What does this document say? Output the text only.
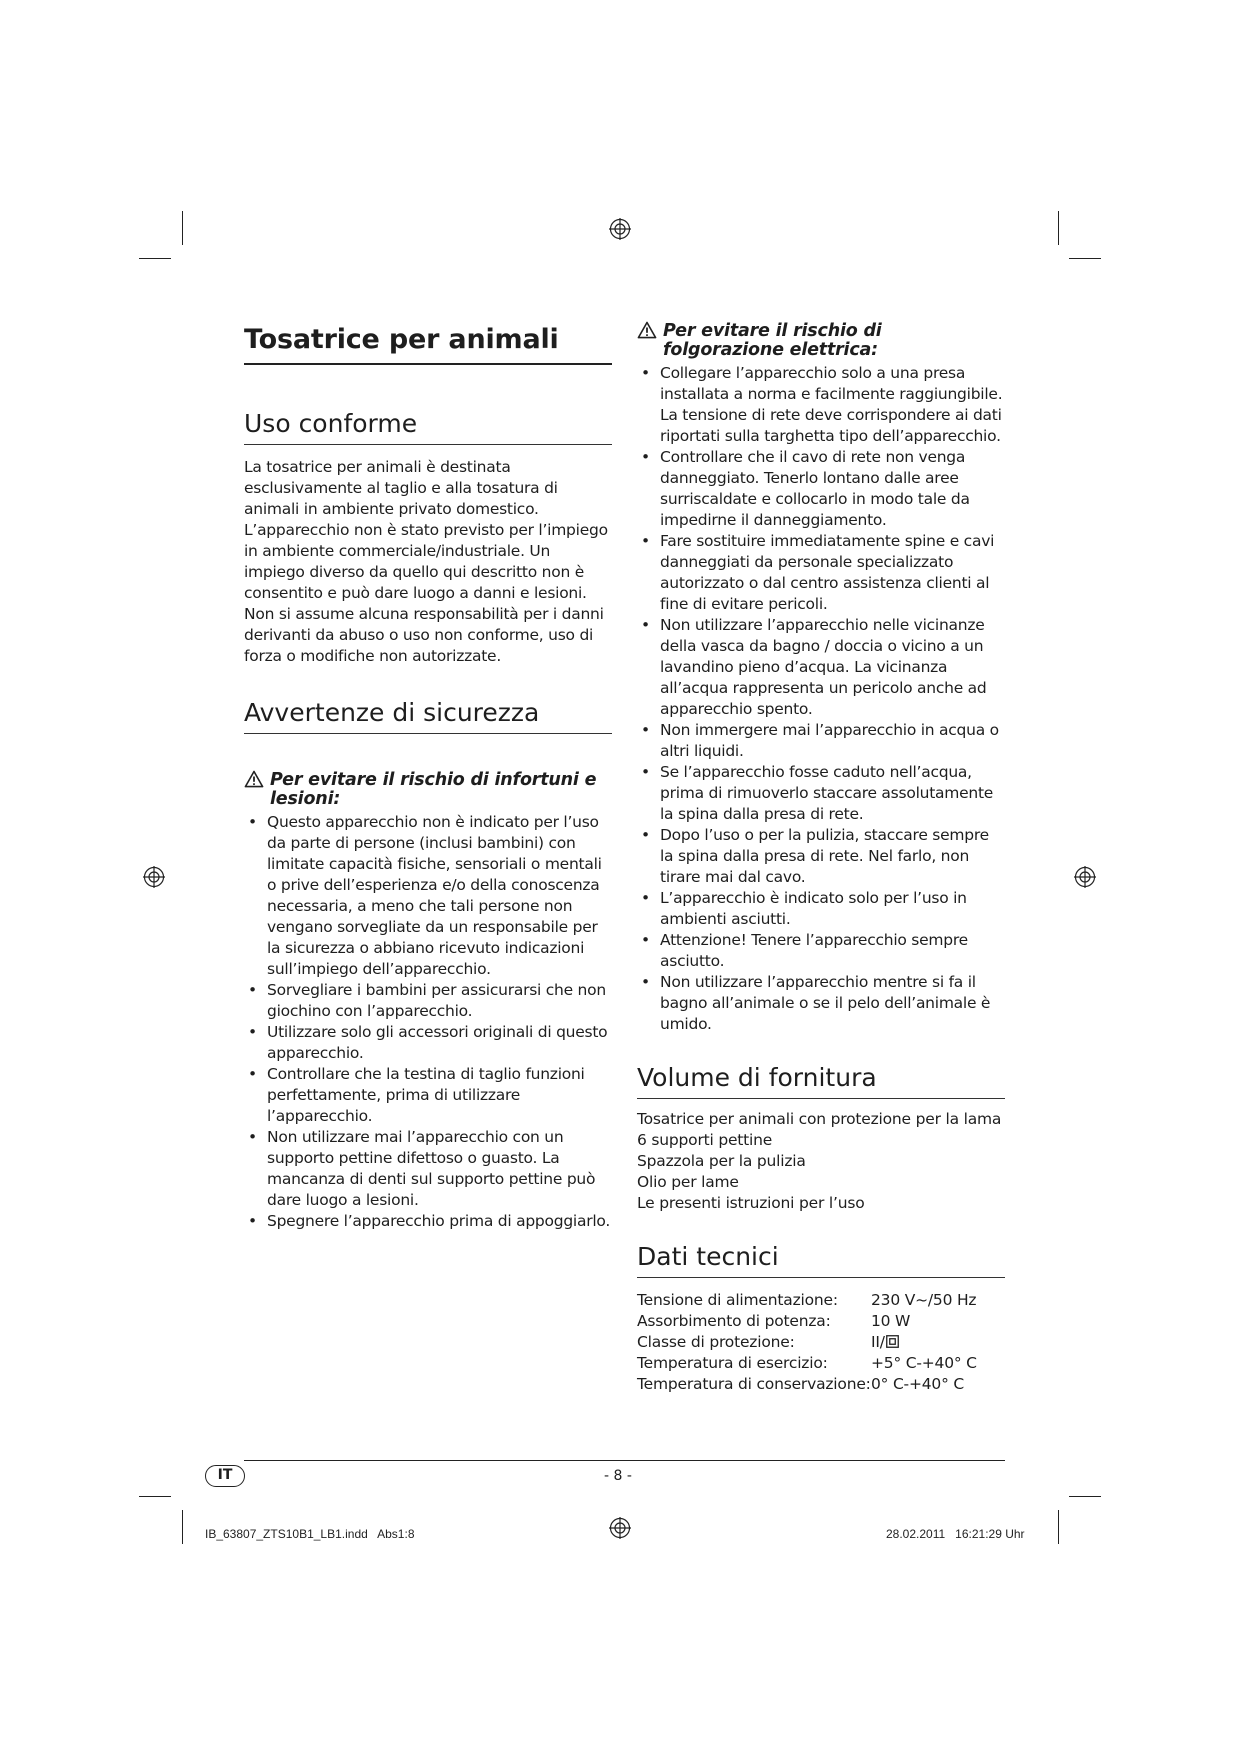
Tosatrice per animali
Uso conforme

La tosatrice per animali è destinata esclusivamente al taglio e alla tosatura di animali in ambiente privato domestico. L’apparecchio non è stato previsto per l’impiego in ambiente commerciale/industriale. Un impiego diverso da quello qui descritto non è consentito e può dare luogo a danni e lesioni. Non si assume alcuna responsabilità per i danni derivanti da abuso o uso non conforme, uso di forza o modifiche non autorizzate.

Avvertenze di sicurezza
Per evitare il rischio di infortuni e lesioni:
• Questo apparecchio non è indicato per l’uso da parte di persone (inclusi bambini) con limitate capacità fisiche, sensoriali o mentali o prive dell’esperienza e/o della conoscenza necessaria, a meno che tali persone non vengano sorvegliate da un responsabile per la sicurezza o abbiano ricevuto indicazioni sull’impiego dell’apparecchio.
• Sorvegliare i bambini per assicurarsi che non giochino con l’apparecchio.
• Utilizzare solo gli accessori originali di questo apparecchio.
• Controllare che la testina di taglio funzioni perfettamente, prima di utilizzare l’apparecchio.
• Non utilizzare mai l’apparecchio con un supporto pettine difettoso o guasto. La mancanza di denti sul supporto pettine può dare luogo a lesioni.
• Spegnere l’apparecchio prima di appoggiarlo.
Per evitare il rischio di folgorazione elettrica:
• Collegare l’apparecchio solo a una presa installata a norma e facilmente raggiungibile. La tensione di rete deve corrispondere ai dati riportati sulla targhetta tipo dell’apparecchio.
• Controllare che il cavo di rete non venga danneggiato. Tenerlo lontano dalle aree surriscaldate e collocarlo in modo tale da impedirne il danneggiamento.
• Fare sostituire immediatamente spine e cavi danneggiati da personale specializzato autorizzato o dal centro assistenza clienti al fine di evitare pericoli.
• Non utilizzare l’apparecchio nelle vicinanze della vasca da bagno / doccia o vicino a un lavandino pieno d’acqua. La vicinanza all’acqua rappresenta un pericolo anche ad apparecchio spento.
• Non immergere mai l’apparecchio in acqua o altri liquidi.
• Se l’apparecchio fosse caduto nell’acqua, prima di rimuoverlo staccare assolutamente la spina dalla presa di rete.
• Dopo l’uso o per la pulizia, staccare sempre la spina dalla presa di rete. Nel farlo, non tirare mai dal cavo.
• L’apparecchio è indicato solo per l’uso in ambienti asciutti.
• Attenzione! Tenere l’apparecchio sempre asciutto.
• Non utilizzare l’apparecchio mentre si fa il bagno all’animale o se il pelo dell’animale è umido.
Volume di fornitura
Tosatrice per animali con protezione per la lama
6 supporti pettine
Spazzola per la pulizia
Olio per lame
Le presenti istruzioni per l’uso
Dati tecnici
Tensione di alimentazione:	230 V~/50 Hz
Assorbimento di potenza:	10 W
Classe di protezione:	II/
Temperatura di esercizio:	+5° C-+40° C
Temperatura di conservazione:	0° C-+40° C
IT	- 8 -
IB_63807_ZTS10B1_LB1.indd   Abs1:8	28.02.2011   16:21:29 Uhr
